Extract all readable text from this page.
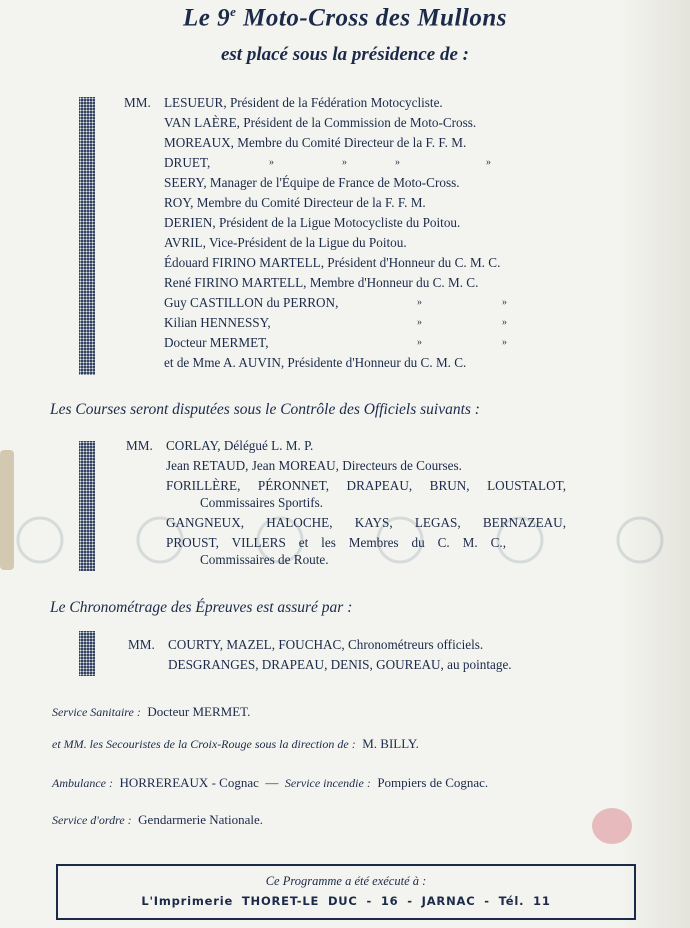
Le 9e Moto-Cross des Mullons
est placé sous la présidence de :
MM. LESUEUR, Président de la Fédération Motocycliste.
VAN LAÈRE, Président de la Commission de Moto-Cross.
MOREAUX, Membre du Comité Directeur de la F. F. M.
DRUET,	»	»	»	»
SEERY, Manager de l'Équipe de France de Moto-Cross.
ROY, Membre du Comité Directeur de la F. F. M.
DERIEN, Président de la Ligue Motocycliste du Poitou.
AVRIL, Vice-Président de la Ligue du Poitou.
Édouard FIRINO MARTELL, Président d'Honneur du C. M. C.
René FIRINO MARTELL, Membre d'Honneur du C. M. C.
Guy CASTILLON du PERRON,	»	»
Kilian HENNESSY,	»	»
Docteur MERMET,	»	»
et de Mme A. AUVIN, Présidente d'Honneur du C. M. C.
Les Courses seront disputées sous le Contrôle des Officiels suivants :
MM. CORLAY, Délégué L. M. P.
Jean RETAUD, Jean MOREAU, Directeurs de Courses.
FORILLÈRE, PÉRONNET, DRAPEAU, BRUN, LOUSTALOT,
Commissaires Sportifs.
GANGNEUX, HALOCHE, KAYS, LEGAS, BERNAZEAU,
PROUST, VILLERS et les Membres du C. M. C.,
Commissaires de Route.
Le Chronométrage des Épreuves est assuré par :
MM. COURTY, MAZEL, FOUCHAC, Chronométreurs officiels.
DESGRANGES, DRAPEAU, DENIS, GOUREAU, au pointage.
Service Sanitaire : Docteur MERMET.
et MM. les Secouristes de la Croix-Rouge sous la direction de : M. BILLY.
Ambulance : HORREREAUX - Cognac — Service incendie : Pompiers de Cognac.
Service d'ordre : Gendarmerie Nationale.
Ce Programme a été exécuté à :
L'Imprimerie THORET-LE DUC - 16 - JARNAC - Tél. 11
